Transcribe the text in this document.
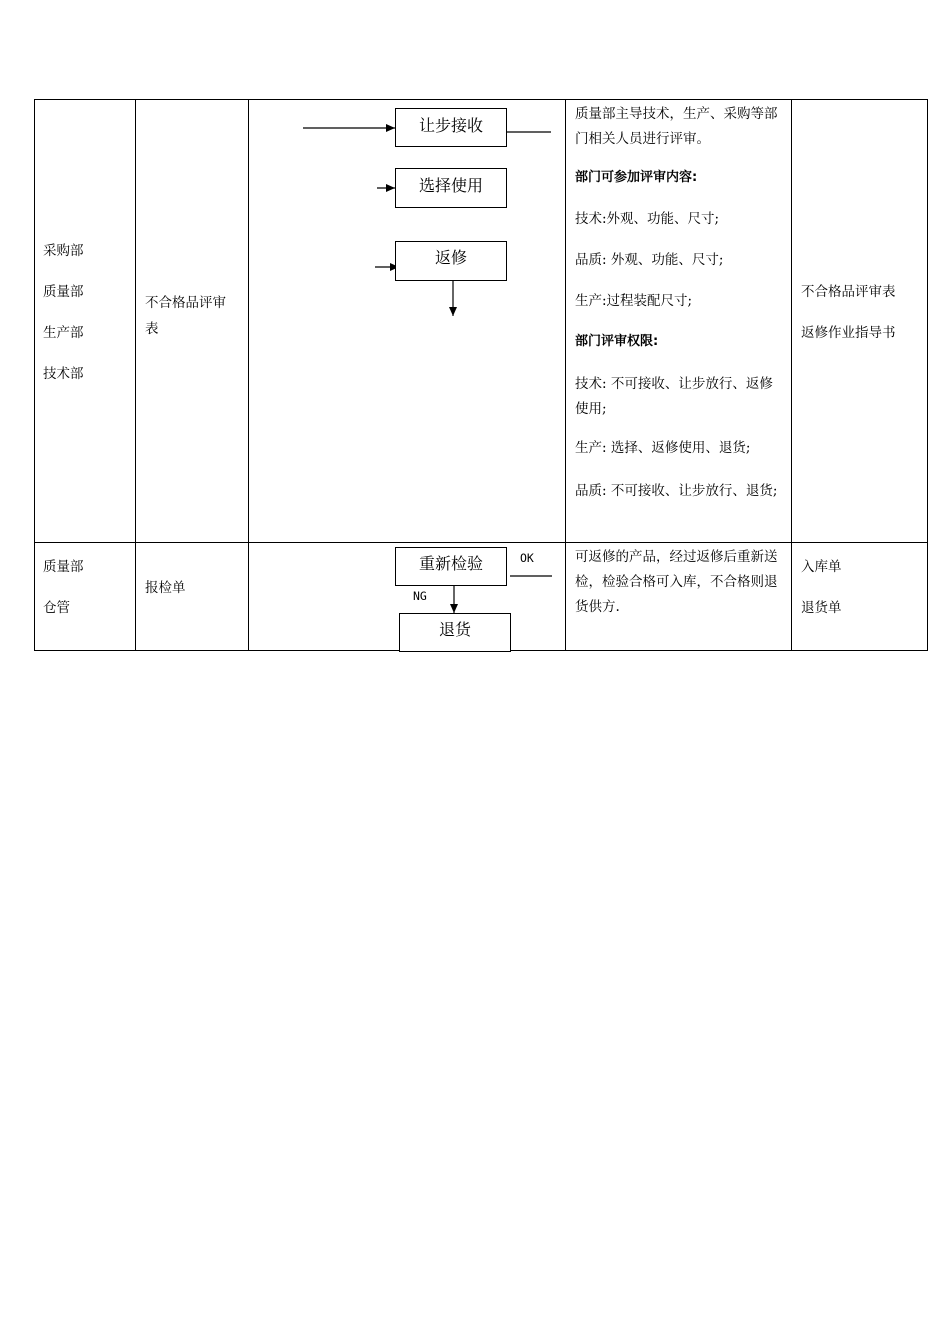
采购部
质量部
生产部
技术部
不合格品评审表
让步接收
选择使用
返修
质量部主导技术，生产、采购等部门相关人员进行评审。
部门可参加评审内容:
技术:外观、功能、尺寸;
品质: 外观、功能、尺寸;
生产:过程装配尺寸;
部门评审权限:
技术: 不可接收、让步放行、返修使用;
生产: 选择、返修使用、退货;
品质: 不可接收、让步放行、退货;
不合格品评审表
返修作业指导书
质量部
仓管
报检单
重新检验
退货
OK
NG
可返修的产品，经过返修后重新送检，检验合格可入库，不合格则退货供方.
入库单
退货单
